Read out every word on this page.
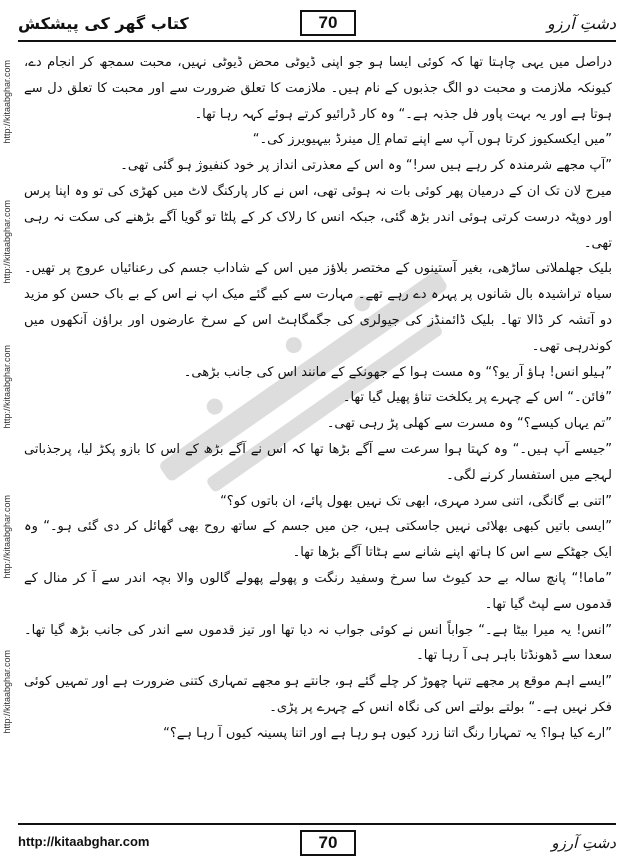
کتاب گھر کی پیشکش	70	دشتِ آرزو
http://kitaabghar.com
http://kitaabghar.com
http://kitaabghar.com
http://kitaabghar.com
http://kitaabghar.com

دراصل میں یہی چاہتا تھا کہ کوئی ایسا ہو جو اپنی ڈیوٹی محض ڈیوٹی نہیں، محبت سمجھ کر انجام دے، کیونکہ ملازمت و محبت دو الگ جذبوں کے نام ہیں۔ ملازمت کا تعلق ضرورت سے اور محبت کا تعلق دل سے ہوتا ہے اور یہ بہت پاور فل جذبہ ہے۔“ وہ کار ڈرائیو کرتے ہوئے کہہ رہا تھا۔

”میں ایکسکیوز کرتا ہوں آپ سے اپنے تمام اِل مینرڈ بیہیویرز کی۔“

”آپ مجھے شرمندہ کر رہے ہیں سر!“ وہ اس کے معذرتی انداز پر خود کنفیوژ ہو گئی تھی۔

میرج لان تک ان کے درمیان پھر کوئی بات نہ ہوئی تھی، اس نے کار پارکنگ لاٹ میں کھڑی کی تو وہ اپنا پرس اور دوپٹہ درست کرتی ہوئی اندر بڑھ گئی، جبکہ انس کا رلاک کر کے پلٹا تو گویا آگے بڑھنے کی سکت نہ رہی تھی۔

بلیک جھلملاتی ساڑھی، بغیر آستینوں کے مختصر بلاؤز میں اس کے شاداب جسم کی رعنائیاں عروج پر تھیں۔ سیاہ تراشیدہ بال شانوں پر پہرہ دے رہے تھے۔ مہارت سے کیے گئے میک اپ نے اس کے بے باک حسن کو مزید دو آتشہ کر ڈالا تھا۔ بلیک ڈائمنڈز کی جیولری کی جگمگاہٹ اس کے سرخ عارضوں اور براؤن آنکھوں میں کوندرہی تھی۔

”ہیلو انس! ہاؤ آر یو؟“ وہ مست ہوا کے جھونکے کے مانند اس کی جانب بڑھی۔

”فائن۔“ اس کے چہرے پر یکلخت تناؤ پھیل گیا تھا۔

”تم یہاں کیسے؟“ وہ مسرت سے کھلی پڑ رہی تھی۔

”جیسے آپ ہیں۔“ وہ کہتا ہوا سرعت سے آگے بڑھا تھا کہ اس نے آگے بڑھ کے اس کا بازو پکڑ لیا، پرجذباتی لہجے میں استفسار کرنے لگی۔

”اتنی بے گانگی، اتنی سرد مہری، ابھی تک نہیں بھول پائے، ان باتوں کو؟“

”ایسی باتیں کبھی بھلائی نہیں جاسکتی ہیں، جن میں جسم کے ساتھ روح بھی گھائل کر دی گئی ہو۔“ وہ ایک جھٹکے سے اس کا ہاتھ اپنے شانے سے ہٹاتا آگے بڑھا تھا۔

”ماما!“ پانچ سالہ بے حد کیوٹ سا سرخ وسفید رنگت و پھولے پھولے گالوں والا بچہ اندر سے آ کر منال کے قدموں سے لپٹ گیا تھا۔

”انس! یہ میرا بیٹا ہے۔“ جواباً انس نے کوئی جواب نہ دیا تھا اور تیز قدموں سے اندر کی جانب بڑھ گیا تھا۔ سعدا سے ڈھونڈتا باہر ہی آ رہا تھا۔

”ایسے اہم موقع پر مجھے تنہا چھوڑ کر چلے گئے ہو، جانتے ہو مجھے تمہاری کتنی ضرورت ہے اور تمہیں کوئی فکر نہیں ہے۔“ بولتے بولتے اس کی نگاہ انس کے چہرے پر پڑی۔

”ارے کیا ہوا؟ یہ تمہارا رنگ اتنا زرد کیوں ہو رہا ہے اور اتنا پسینہ کیوں آ رہا ہے؟“

http://kitaabghar.com	70	دشتِ آرزو
